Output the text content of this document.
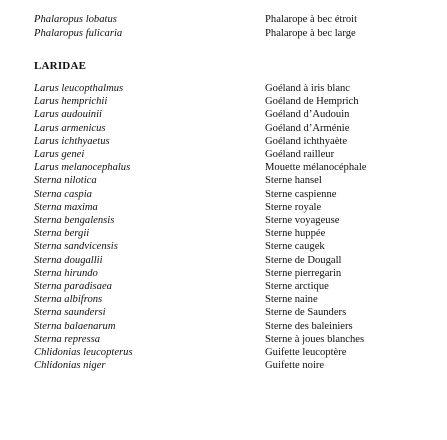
Phalaropus lobatus	Phalarope à bec étroit
Phalaropus fulicaria	Phalarope à bec large
LARIDAE
Larus leucopthalmus	Goéland à iris blanc
Larus hemprichii	Goéland de Hemprich
Larus audouinii	Goéland d’Audouin
Larus armenicus	Goéland d’Arménie
Larus ichthyaetus	Goéland ichthyaète
Larus genei	Goéland railleur
Larus melanocephalus	Mouette mélanocéphale
Sterna nilotica	Sterne hansel
Sterna caspia	Sterne caspienne
Sterna maxima	Sterne royale
Sterna bengalensis	Sterne voyageuse
Sterna bergii	Sterne huppée
Sterna sandvicensis	Sterne caugek
Sterna dougallii	Sterne de Dougall
Sterna hirundo	Sterne pierregarin
Sterna paradisaea	Sterne arctique
Sterna albifrons	Sterne naine
Sterna saundersi	Sterne de Saunders
Sterna balaenarum	Sterne des baleiniers
Sterna repressa	Sterne à joues blanches
Chlidonias leucopterus	Guifette leucoptère
Chlidonias niger	Guifette noire
